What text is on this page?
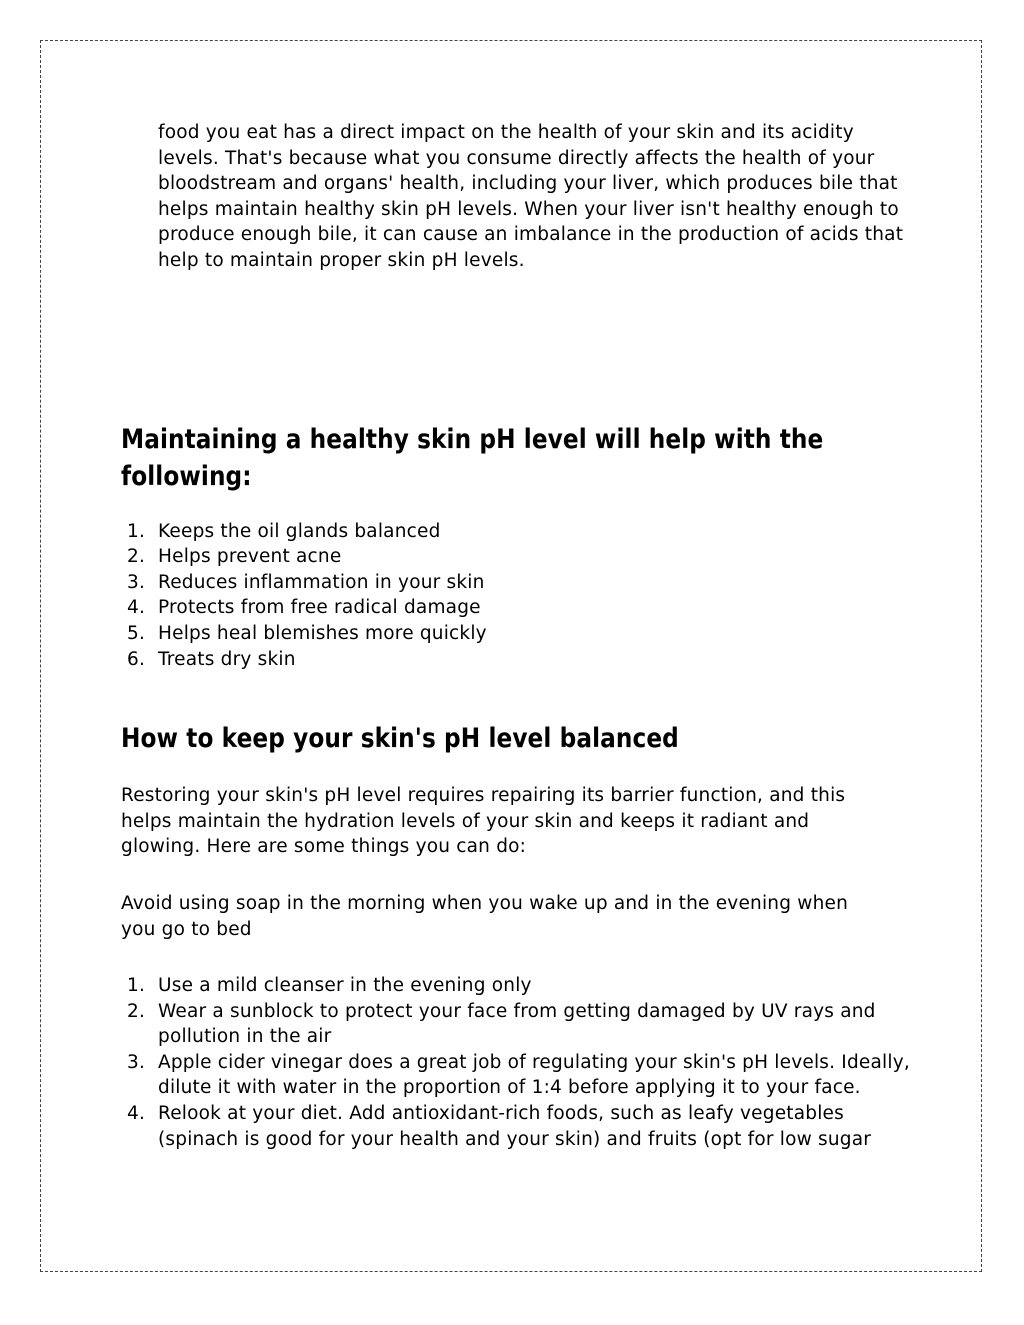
food you eat has a direct impact on the health of your skin and its acidity levels. That's because what you consume directly affects the health of your bloodstream and organs' health, including your liver, which produces bile that helps maintain healthy skin pH levels. When your liver isn't healthy enough to produce enough bile, it can cause an imbalance in the production of acids that help to maintain proper skin pH levels.

Maintaining a healthy skin pH level will help with the following:
1. Keeps the oil glands balanced
2. Helps prevent acne
3. Reduces inflammation in your skin
4. Protects from free radical damage
5. Helps heal blemishes more quickly
6. Treats dry skin
How to keep your skin's pH level balanced

Restoring your skin's pH level requires repairing its barrier function, and this helps maintain the hydration levels of your skin and keeps it radiant and glowing. Here are some things you can do:

Avoid using soap in the morning when you wake up and in the evening when you go to bed

1. Use a mild cleanser in the evening only
2. Wear a sunblock to protect your face from getting damaged by UV rays and pollution in the air
3. Apple cider vinegar does a great job of regulating your skin's pH levels. Ideally, dilute it with water in the proportion of 1:4 before applying it to your face.
4. Relook at your diet. Add antioxidant-rich foods, such as leafy vegetables (spinach is good for your health and your skin) and fruits (opt for low sugar
